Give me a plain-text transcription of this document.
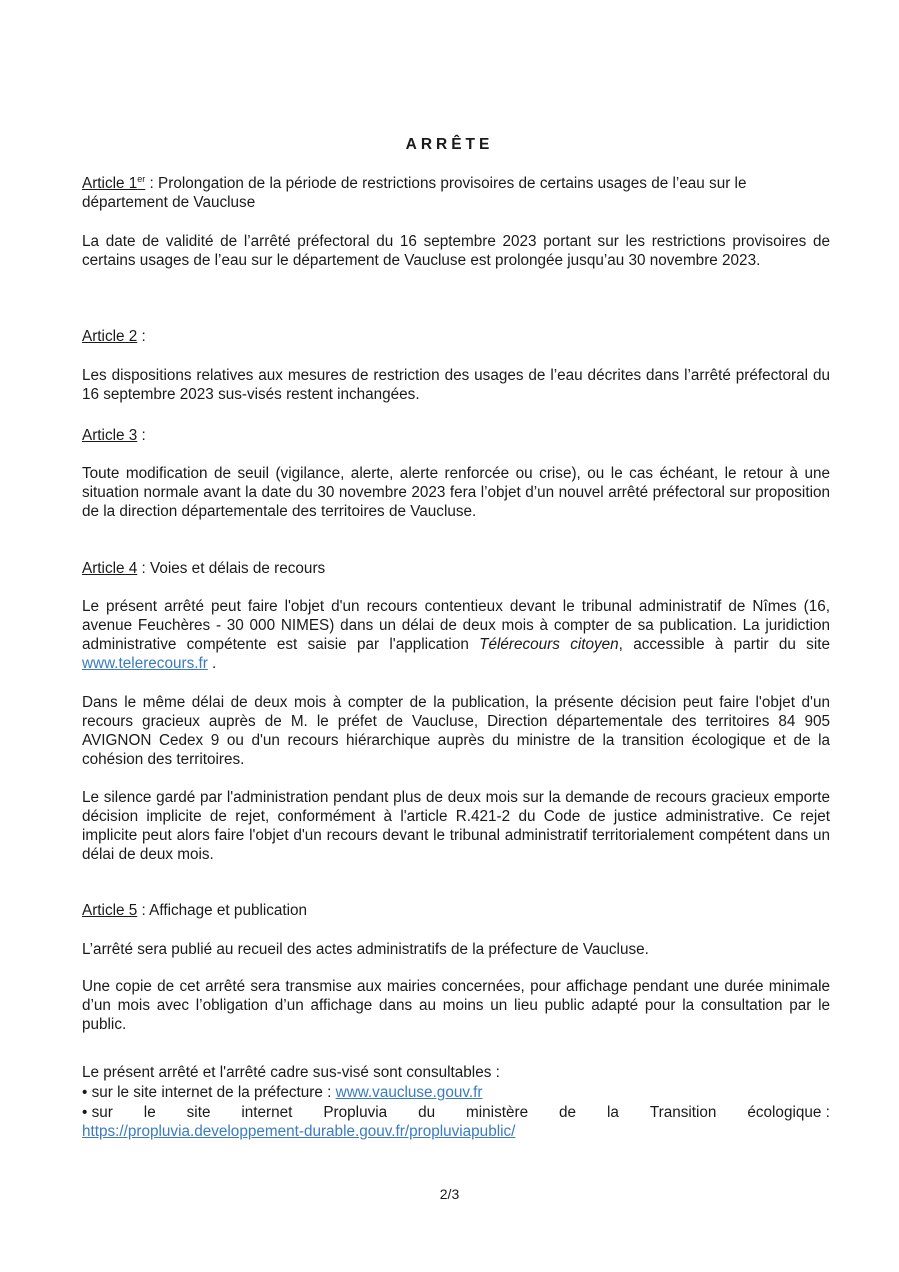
ARRÊTE
Article 1er : Prolongation de la période de restrictions provisoires de certains usages de l’eau sur le département de Vaucluse
La date de validité de l’arrêté préfectoral du 16 septembre 2023 portant sur les restrictions provisoires de certains usages de l’eau sur le département de Vaucluse est prolongée jusqu’au 30 novembre 2023.
Article 2 :
Les dispositions relatives aux mesures de restriction des usages de l’eau décrites dans l’arrêté préfectoral du 16 septembre 2023 sus-visés restent inchangées.
Article 3 :
Toute modification de seuil (vigilance, alerte, alerte renforcée ou crise), ou le cas échéant, le retour à une situation normale avant la date du 30 novembre 2023 fera l’objet d’un nouvel arrêté préfectoral sur proposition de la direction départementale des territoires de Vaucluse.
Article 4 : Voies et délais de recours
Le présent arrêté peut faire l'objet d'un recours contentieux devant le tribunal administratif de Nîmes (16, avenue Feuchères - 30 000 NIMES) dans un délai de deux mois à compter de sa publication. La juridiction administrative compétente est saisie par l'application Télérecours citoyen, accessible à partir du site www.telerecours.fr .
Dans le même délai de deux mois à compter de la publication, la présente décision peut faire l'objet d'un recours gracieux auprès de M. le préfet de Vaucluse, Direction départementale des territoires 84 905 AVIGNON Cedex 9 ou d'un recours hiérarchique auprès du ministre de la transition écologique et de la cohésion des territoires.
Le silence gardé par l'administration pendant plus de deux mois sur la demande de recours gracieux emporte décision implicite de rejet, conformément à l'article R.421-2 du Code de justice administrative. Ce rejet implicite peut alors faire l'objet d'un recours devant le tribunal administratif territorialement compétent dans un délai de deux mois.
Article 5 : Affichage et publication
L’arrêté sera publié au recueil des actes administratifs de la préfecture de Vaucluse.
Une copie de cet arrêté sera transmise aux mairies concernées, pour affichage pendant une durée minimale d’un mois avec l’obligation d’un affichage dans au moins un lieu public adapté pour la consultation par le public.
Le présent arrêté et l'arrêté cadre sus-visé sont consultables :
• sur le site internet de la préfecture : www.vaucluse.gouv.fr
• sur le site internet Propluvia du ministère de la Transition écologique :
https://propluvia.developpement-durable.gouv.fr/propluviapublic/
2/3
